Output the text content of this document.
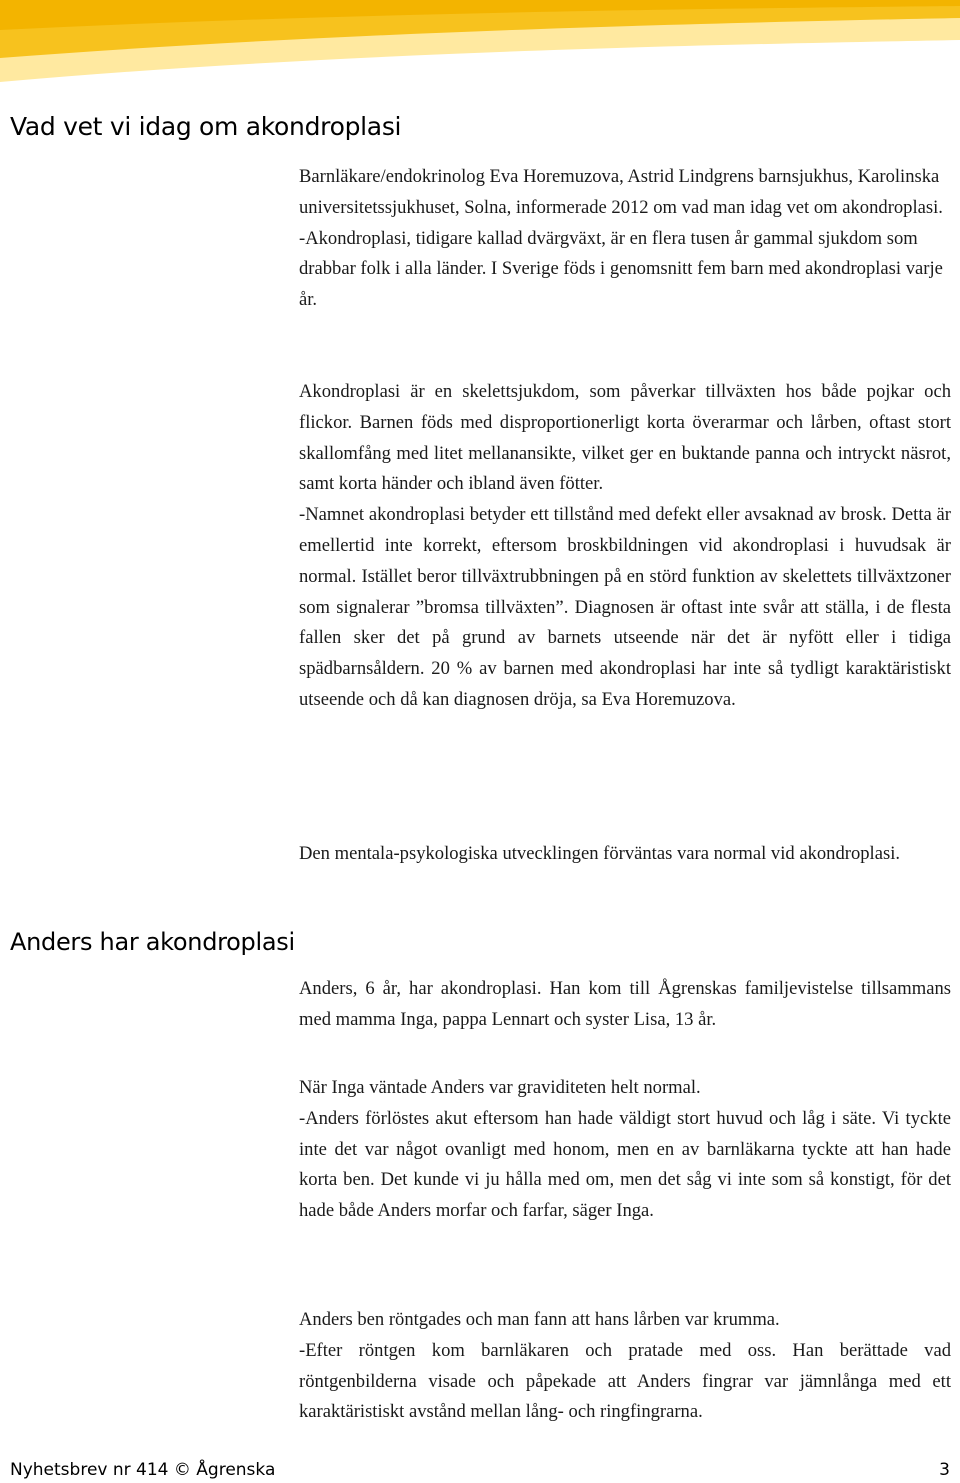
Vad vet vi idag om akondroplasi

Barnläkare/endokrinolog Eva Horemuzova, Astrid Lindgrens barnsjukhus, Karolinska universitetssjukhuset, Solna, informerade 2012 om vad man idag vet om akondroplasi.

-Akondroplasi, tidigare kallad dvärgväxt, är en flera tusen år gammal sjukdom som drabbar folk i alla länder. I Sverige föds i genomsnitt fem barn med akondroplasi varje år.

Akondroplasi är en skelettsjukdom, som påverkar tillväxten hos både pojkar och flickor. Barnen föds med disproportionerligt korta överarmar och lårben, oftast stort skallomfång med litet mellanansikte, vilket ger en buktande panna och intryckt näsrot, samt korta händer och ibland även fötter.

-Namnet akondroplasi betyder ett tillstånd med defekt eller avsaknad av brosk. Detta är emellertid inte korrekt, eftersom broskbildningen vid akondroplasi i huvudsak är normal. Istället beror tillväxtrubbningen på en störd funktion av skelettets tillväxtzoner som signalerar ”bromsa tillväxten”. Diagnosen är oftast inte svår att ställa, i de flesta fallen sker det på grund av barnets utseende när det är nyfött eller i tidiga spädbarnsåldern. 20 % av barnen med akondroplasi har inte så tydligt karaktäristiskt utseende och då kan diagnosen dröja, sa Eva Horemuzova.

Den mentala-psykologiska utvecklingen förväntas vara normal vid akondroplasi.

Anders har akondroplasi

Anders, 6 år, har akondroplasi. Han kom till Ågrenskas familjevistelse tillsammans med mamma Inga, pappa Lennart och syster Lisa, 13 år.

När Inga väntade Anders var graviditeten helt normal.

-Anders förlöstes akut eftersom han hade väldigt stort huvud och låg i säte. Vi tyckte inte det var något ovanligt med honom, men en av barnläkarna tyckte att han hade korta ben. Det kunde vi ju hålla med om, men det såg vi inte som så konstigt, för det hade både Anders morfar och farfar, säger Inga.

Anders ben röntgades och man fann att hans lårben var krumma.

-Efter röntgen kom barnläkaren och pratade med oss. Han berättade vad röntgenbilderna visade och påpekade att Anders fingrar var jämnlånga med ett karaktäristiskt avstånd mellan lång- och ringfingrarna.

Nyhetsbrev nr 414 © Ågrenska	3
